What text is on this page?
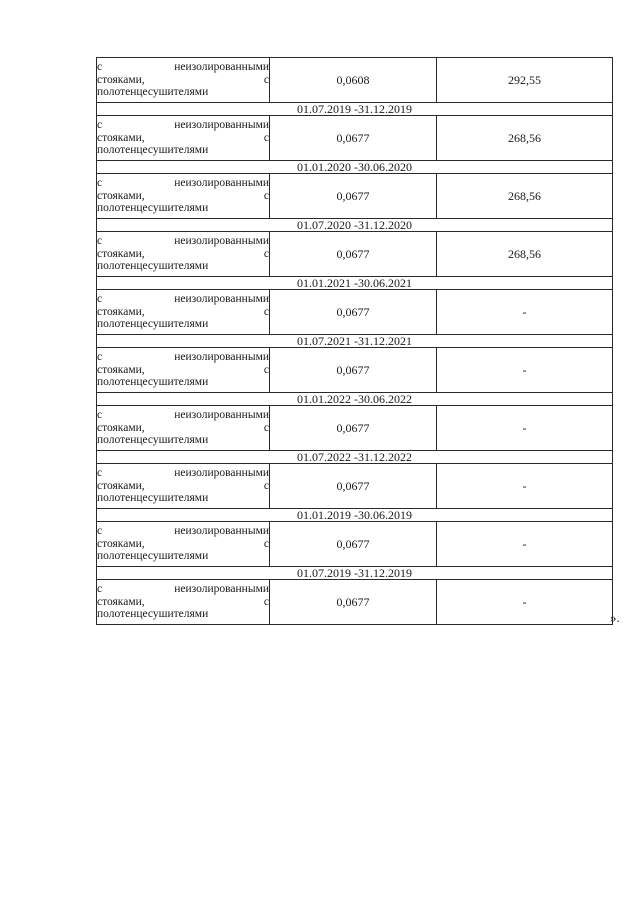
с неизолированными
стояками, с
полотенцесушителями	0,0608	292,55
01.07.2019 -31.12.2019		

с неизолированными
стояками, с
полотенцесушителями	0,0677	268,56
01.01.2020 -30.06.2020		

с неизолированными
стояками, с
полотенцесушителями	0,0677	268,56
01.07.2020 -31.12.2020		

с неизолированными
стояками, с
полотенцесушителями	0,0677	268,56
01.01.2021 -30.06.2021		

с неизолированными
стояками, с
полотенцесушителями	0,0677	-
01.07.2021 -31.12.2021		

с неизолированными
стояками, с
полотенцесушителями	0,0677	-
01.01.2022 -30.06.2022		

с неизолированными
стояками, с
полотенцесушителями	0,0677	-
01.07.2022 -31.12.2022		

с неизолированными
стояками, с
полотенцесушителями	0,0677	-
01.01.2019 -30.06.2019		

с неизолированными
стояками, с
полотенцесушителями	0,0677	-
01.07.2019 -31.12.2019		

с неизолированными
стояками, с
полотенцесушителями	0,0677	-
».
